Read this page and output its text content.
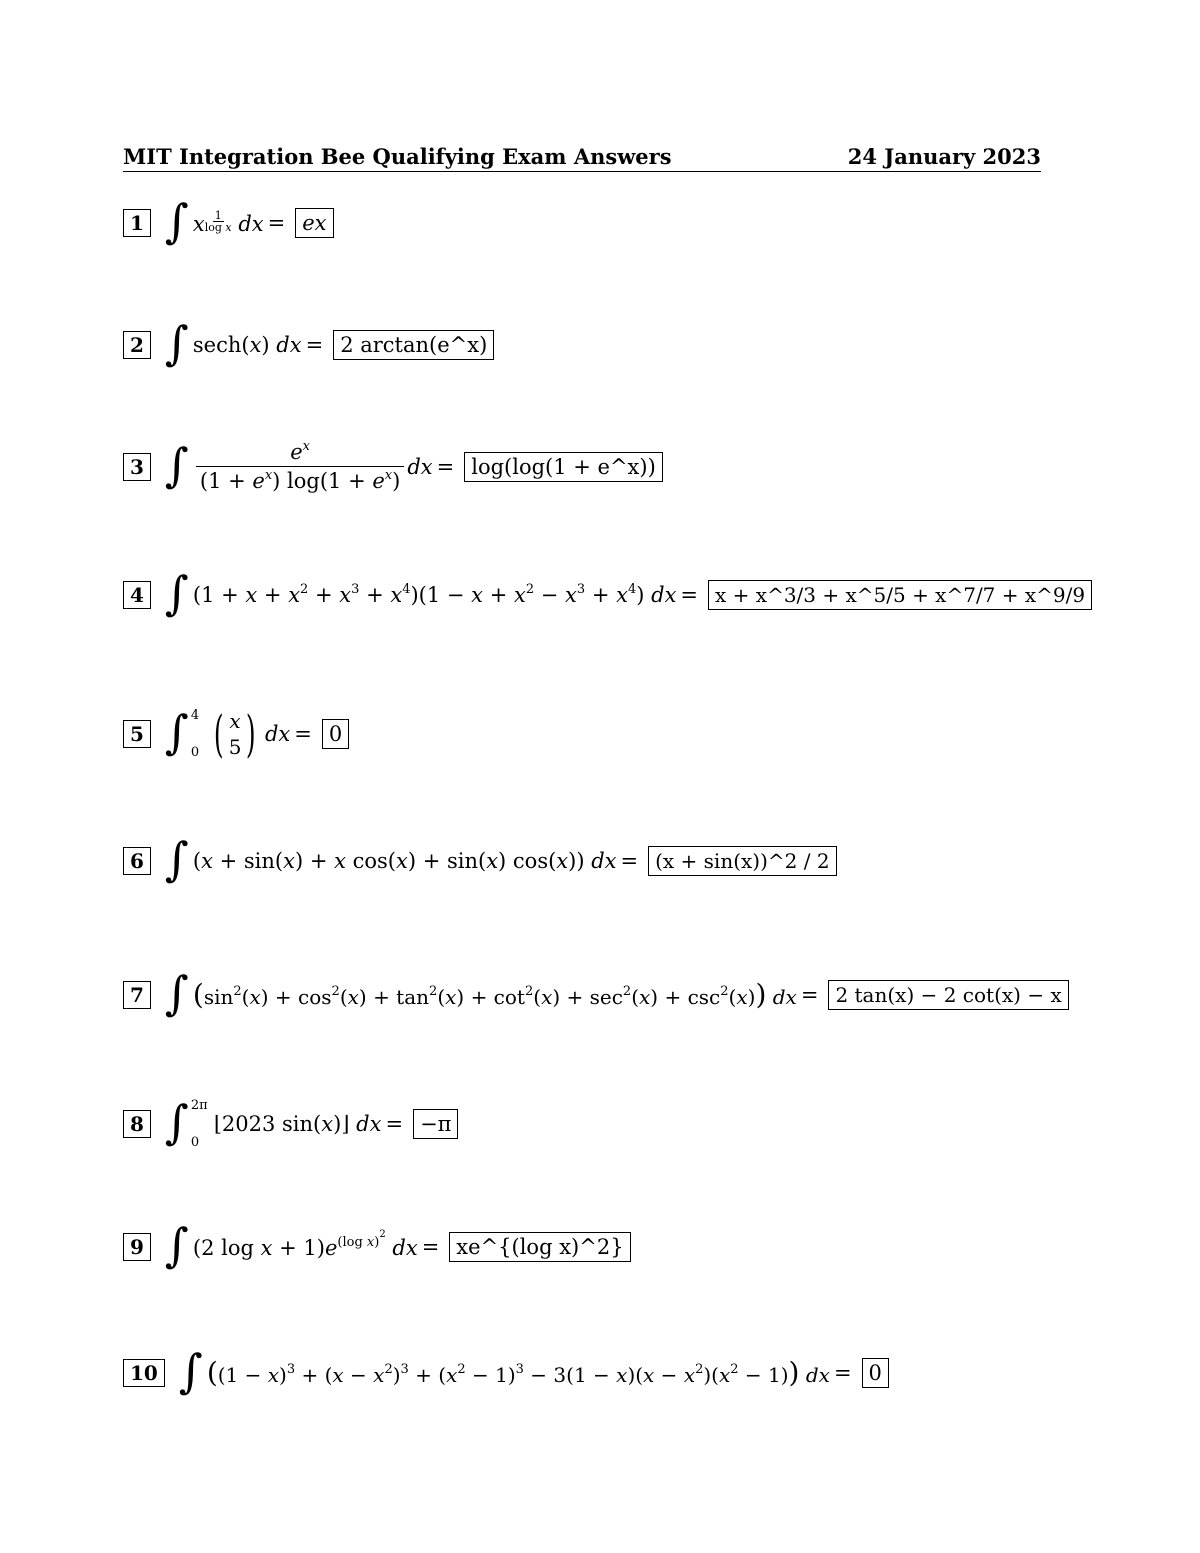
MIT Integration Bee Qualifying Exam Answers	24 January 2023
1 ∫ x $\frac{1}{\text{log x}}$ dx = ex
2 ∫ sech(x) dx = 2 arctan(e^x)
3 ∫ $\frac{e^x}{(1 + e^x) \log(1 + e^x)}$ dx = log(log(1 + e^x))
4 ∫ $(1 + x + x^2 + x^3 + x^4)(1 - x + x^2 - x^3 + x^4)$ dx = x + x^3/3 + x^5/5 + x^7/7 + x^9/9
5 ∫ 4
0 ( x
5 ) dx = 0
6 ∫ (x + sin(x) + x cos(x) + sin(x) cos(x)) dx = (x + sin(x))^2 / 2
7 ∫ $(\sin^2(x) + \cos^2(x) + \tan^2(x) + \cot^2(x) + \sec^2(x) + \csc^2(x))$ dx = 2 tan(x) − 2 cot(x) − x
8 ∫ 2π
0
⌊2023 sin(x)⌋ dx = −π
9 ∫ (2 $\log x + 1)e^{(log x)^2}$ dx = xe^{(log x)^2}
10 ∫ $((1 - x)^3 + (x - x^2)^3 + (x^2 - 1)^3 - 3(1 - x)(x - x^2)(x^2 - 1))$ dx = 0
